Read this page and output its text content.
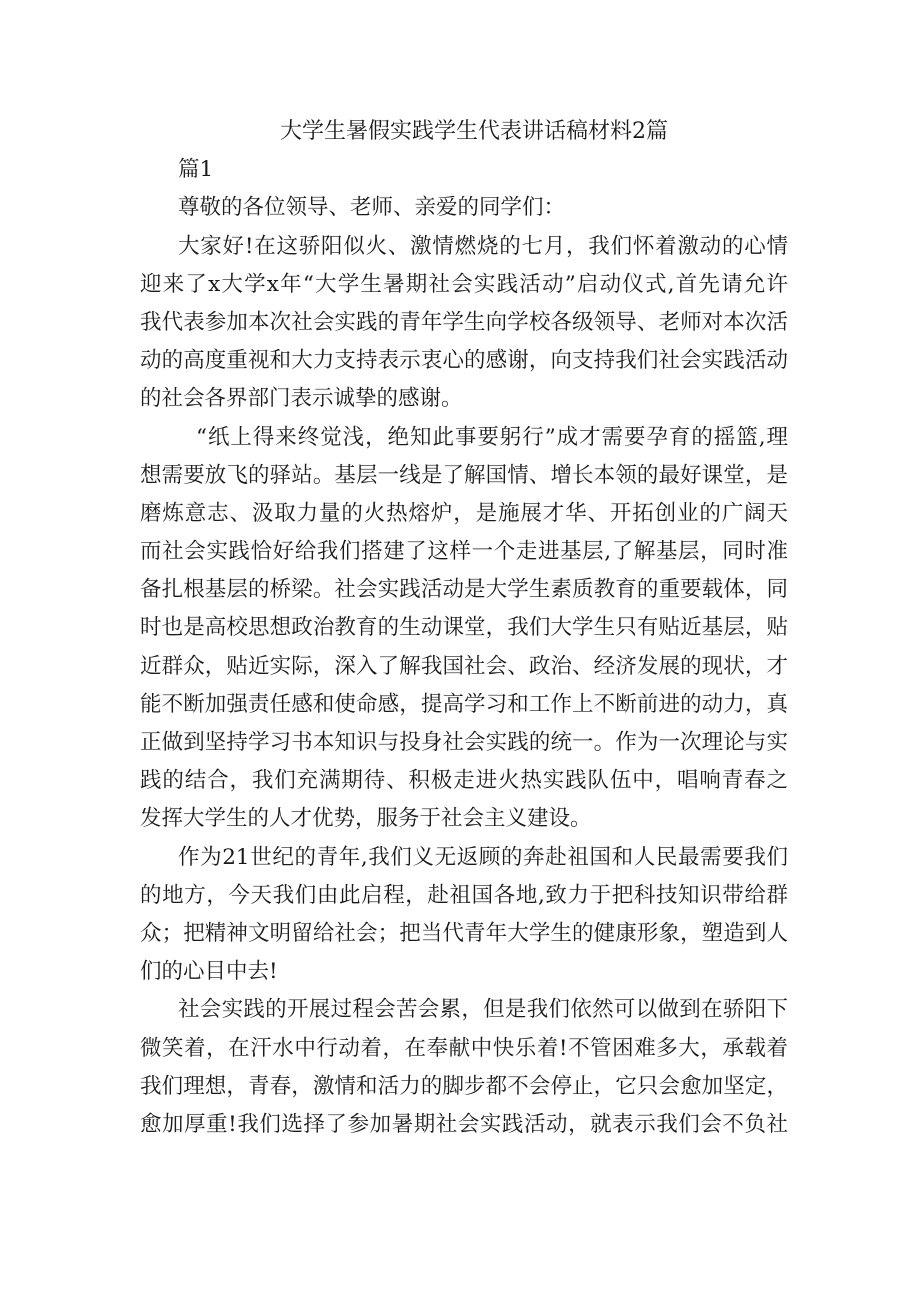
大学生暑假实践学生代表讲话稿材料2篇
篇1
尊敬的各位领导、老师、亲爱的同学们：
大家好!在这骄阳似火、激情燃烧的七月，我们怀着激动的心情
迎来了x大学x年“大学生暑期社会实践活动”启动仪式,首先请允许
我代表参加本次社会实践的青年学生向学校各级领导、老师对本次活
动的高度重视和大力支持表示衷心的感谢，向支持我们社会实践活动
的社会各界部门表示诚挚的感谢。
“纸上得来终觉浅，绝知此事要躬行”成才需要孕育的摇篮,理
想需要放飞的驿站。基层一线是了解国情、增长本领的最好课堂，是
磨炼意志、汲取力量的火热熔炉，是施展才华、开拓创业的广阔天
而社会实践恰好给我们搭建了这样一个走进基层,了解基层，同时准
备扎根基层的桥梁。社会实践活动是大学生素质教育的重要载体，同
时也是高校思想政治教育的生动课堂，我们大学生只有贴近基层，贴
近群众，贴近实际，深入了解我国社会、政治、经济发展的现状，才
能不断加强责任感和使命感，提高学习和工作上不断前进的动力，真
正做到坚持学习书本知识与投身社会实践的统一。作为一次理论与实
践的结合，我们充满期待、积极走进火热实践队伍中，唱响青春之
发挥大学生的人才优势，服务于社会主义建设。
作为21世纪的青年,我们义无返顾的奔赴祖国和人民最需要我们
的地方，今天我们由此启程，赴祖国各地,致力于把科技知识带给群
众；把精神文明留给社会；把当代青年大学生的健康形象，塑造到人
们的心目中去!
社会实践的开展过程会苦会累，但是我们依然可以做到在骄阳下
微笑着，在汗水中行动着，在奉献中快乐着!不管困难多大，承载着
我们理想，青春，激情和活力的脚步都不会停止，它只会愈加坚定，
愈加厚重!我们选择了参加暑期社会实践活动，就表示我们会不负社
